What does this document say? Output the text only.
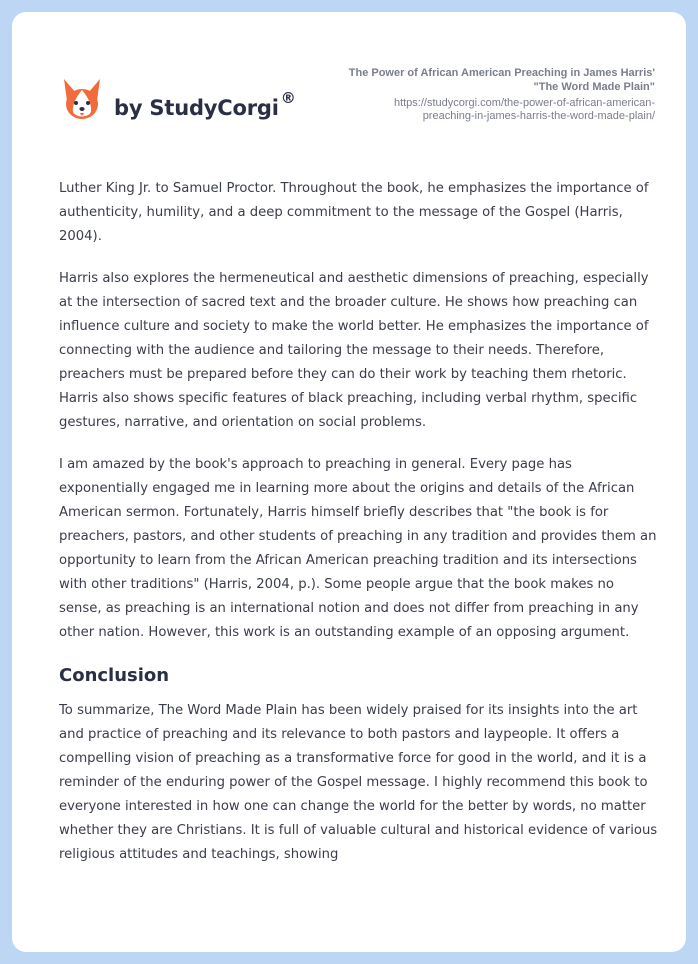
by StudyCorgi ®
The Power of African American Preaching in James Harris'
"The Word Made Plain"
https://studycorgi.com/the-power-of-african-american-
preaching-in-james-harris-the-word-made-plain/

Luther King Jr. to Samuel Proctor. Throughout the book, he emphasizes the importance of authenticity, humility, and a deep commitment to the message of the Gospel (Harris, 2004).

Harris also explores the hermeneutical and aesthetic dimensions of preaching, especially at the intersection of sacred text and the broader culture. He shows how preaching can influence culture and society to make the world better. He emphasizes the importance of connecting with the audience and tailoring the message to their needs. Therefore, preachers must be prepared before they can do their work by teaching them rhetoric. Harris also shows specific features of black preaching, including verbal rhythm, specific gestures, narrative, and orientation on social problems.

I am amazed by the book's approach to preaching in general. Every page has exponentially engaged me in learning more about the origins and details of the African American sermon. Fortunately, Harris himself briefly describes that "the book is for preachers, pastors, and other students of preaching in any tradition and provides them an opportunity to learn from the African American preaching tradition and its intersections with other traditions" (Harris, 2004, p.). Some people argue that the book makes no sense, as preaching is an international notion and does not differ from preaching in any other nation. However, this work is an outstanding example of an opposing argument.

Conclusion

To summarize, The Word Made Plain has been widely praised for its insights into the art and practice of preaching and its relevance to both pastors and laypeople. It offers a compelling vision of preaching as a transformative force for good in the world, and it is a reminder of the enduring power of the Gospel message. I highly recommend this book to everyone interested in how one can change the world for the better by words, no matter whether they are Christians. It is full of valuable cultural and historical evidence of various religious attitudes and teachings, showing
